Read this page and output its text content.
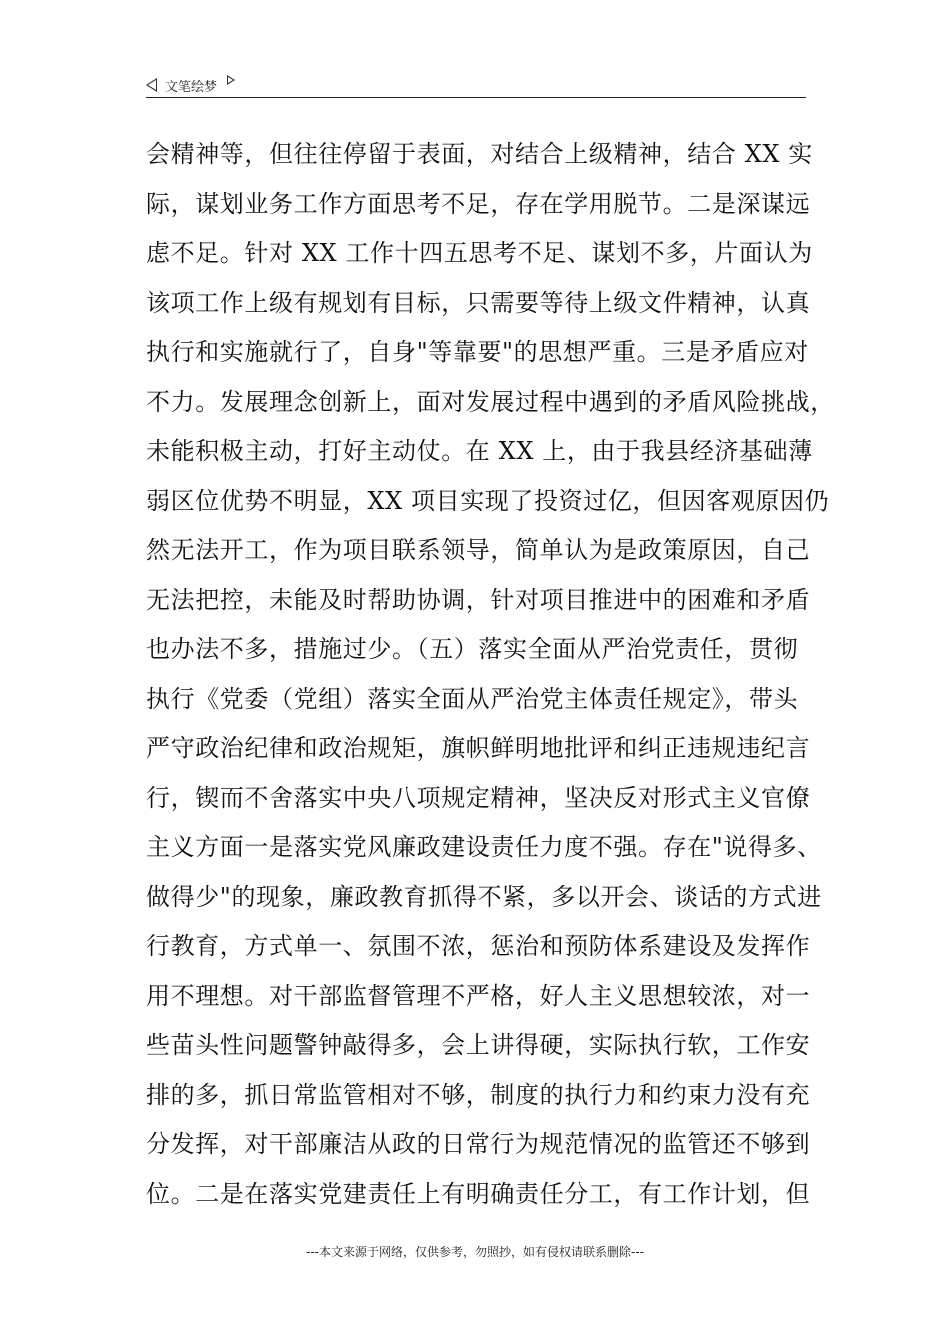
文笔绘梦
会精神等，但往往停留于表面，对结合上级精神，结合 XX 实
际，谋划业务工作方面思考不足，存在学用脱节。二是深谋远
虑不足。针对 XX 工作十四五思考不足、谋划不多，片面认为
该项工作上级有规划有目标，只需要等待上级文件精神，认真
执行和实施就行了，自身"等靠要"的思想严重。三是矛盾应对
不力。发展理念创新上，面对发展过程中遇到的矛盾风险挑战，
未能积极主动，打好主动仗。在 XX 上，由于我县经济基础薄
弱区位优势不明显，XX 项目实现了投资过亿，但因客观原因仍
然无法开工，作为项目联系领导，简单认为是政策原因，自己
无法把控，未能及时帮助协调，针对项目推进中的困难和矛盾
也办法不多，措施过少。（五）落实全面从严治党责任，贯彻
执行《党委（党组）落实全面从严治党主体责任规定》，带头
严守政治纪律和政治规矩，旗帜鲜明地批评和纠正违规违纪言
行，锲而不舍落实中央八项规定精神，坚决反对形式主义官僚
主义方面一是落实党风廉政建设责任力度不强。存在"说得多、
做得少"的现象，廉政教育抓得不紧，多以开会、谈话的方式进
行教育，方式单一、氛围不浓，惩治和预防体系建设及发挥作
用不理想。对干部监督管理不严格，好人主义思想较浓，对一
些苗头性问题警钟敲得多，会上讲得硬，实际执行软，工作安
排的多，抓日常监管相对不够，制度的执行力和约束力没有充
分发挥，对干部廉洁从政的日常行为规范情况的监管还不够到
位。二是在落实党建责任上有明确责任分工，有工作计划，但
---本文来源于网络，仅供参考，勿照抄，如有侵权请联系删除---
